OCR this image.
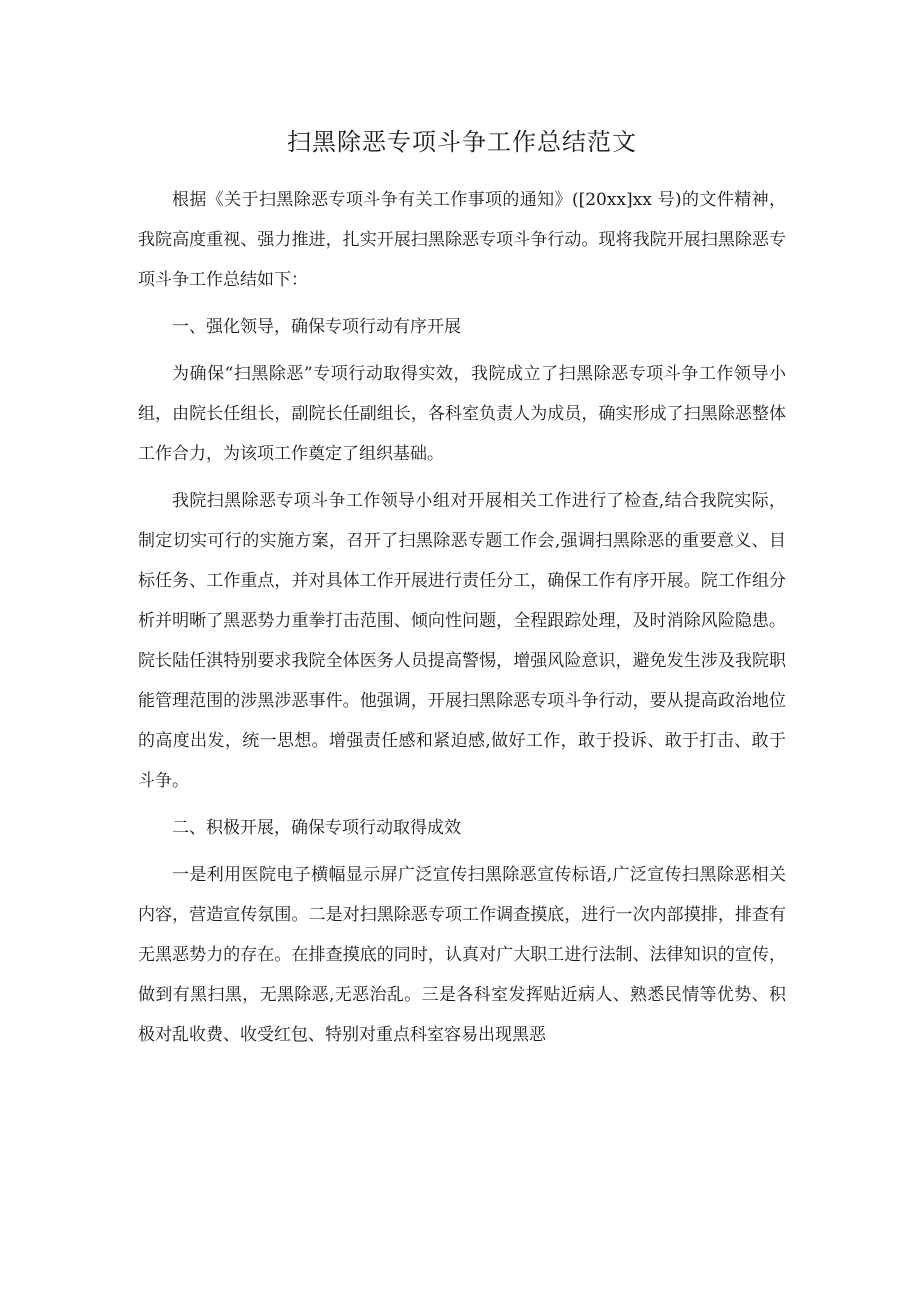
扫黑除恶专项斗争工作总结范文

根据《关于扫黑除恶专项斗争有关工作事项的通知》([20xx]xx 号)的文件精神，我院高度重视、强力推进，扎实开展扫黑除恶专项斗争行动。现将我院开展扫黑除恶专项斗争工作总结如下：

一、强化领导，确保专项行动有序开展

为确保“扫黑除恶”专项行动取得实效，我院成立了扫黑除恶专项斗争工作领导小组，由院长任组长，副院长任副组长，各科室负责人为成员，确实形成了扫黑除恶整体工作合力，为该项工作奠定了组织基础。

我院扫黑除恶专项斗争工作领导小组对开展相关工作进行了检查,结合我院实际，制定切实可行的实施方案，召开了扫黑除恶专题工作会,强调扫黑除恶的重要意义、目标任务、工作重点，并对具体工作开展进行责任分工，确保工作有序开展。院工作组分析并明晰了黑恶势力重拳打击范围、倾向性问题，全程跟踪处理，及时消除风险隐患。院长陆任淇特别要求我院全体医务人员提高警惕，增强风险意识，避免发生涉及我院职能管理范围的涉黑涉恶事件。他强调，开展扫黑除恶专项斗争行动，要从提高政治地位的高度出发，统一思想。增强责任感和紧迫感,做好工作，敢于投诉、敢于打击、敢于斗争。

二、积极开展，确保专项行动取得成效

一是利用医院电子横幅显示屏广泛宣传扫黑除恶宣传标语,广泛宣传扫黑除恶相关内容，营造宣传氛围。二是对扫黑除恶专项工作调查摸底，进行一次内部摸排，排查有无黑恶势力的存在。在排查摸底的同时，认真对广大职工进行法制、法律知识的宣传，做到有黑扫黑，无黑除恶,无恶治乱。三是各科室发挥贴近病人、熟悉民情等优势、积极对乱收费、收受红包、特别对重点科室容易出现黑恶
